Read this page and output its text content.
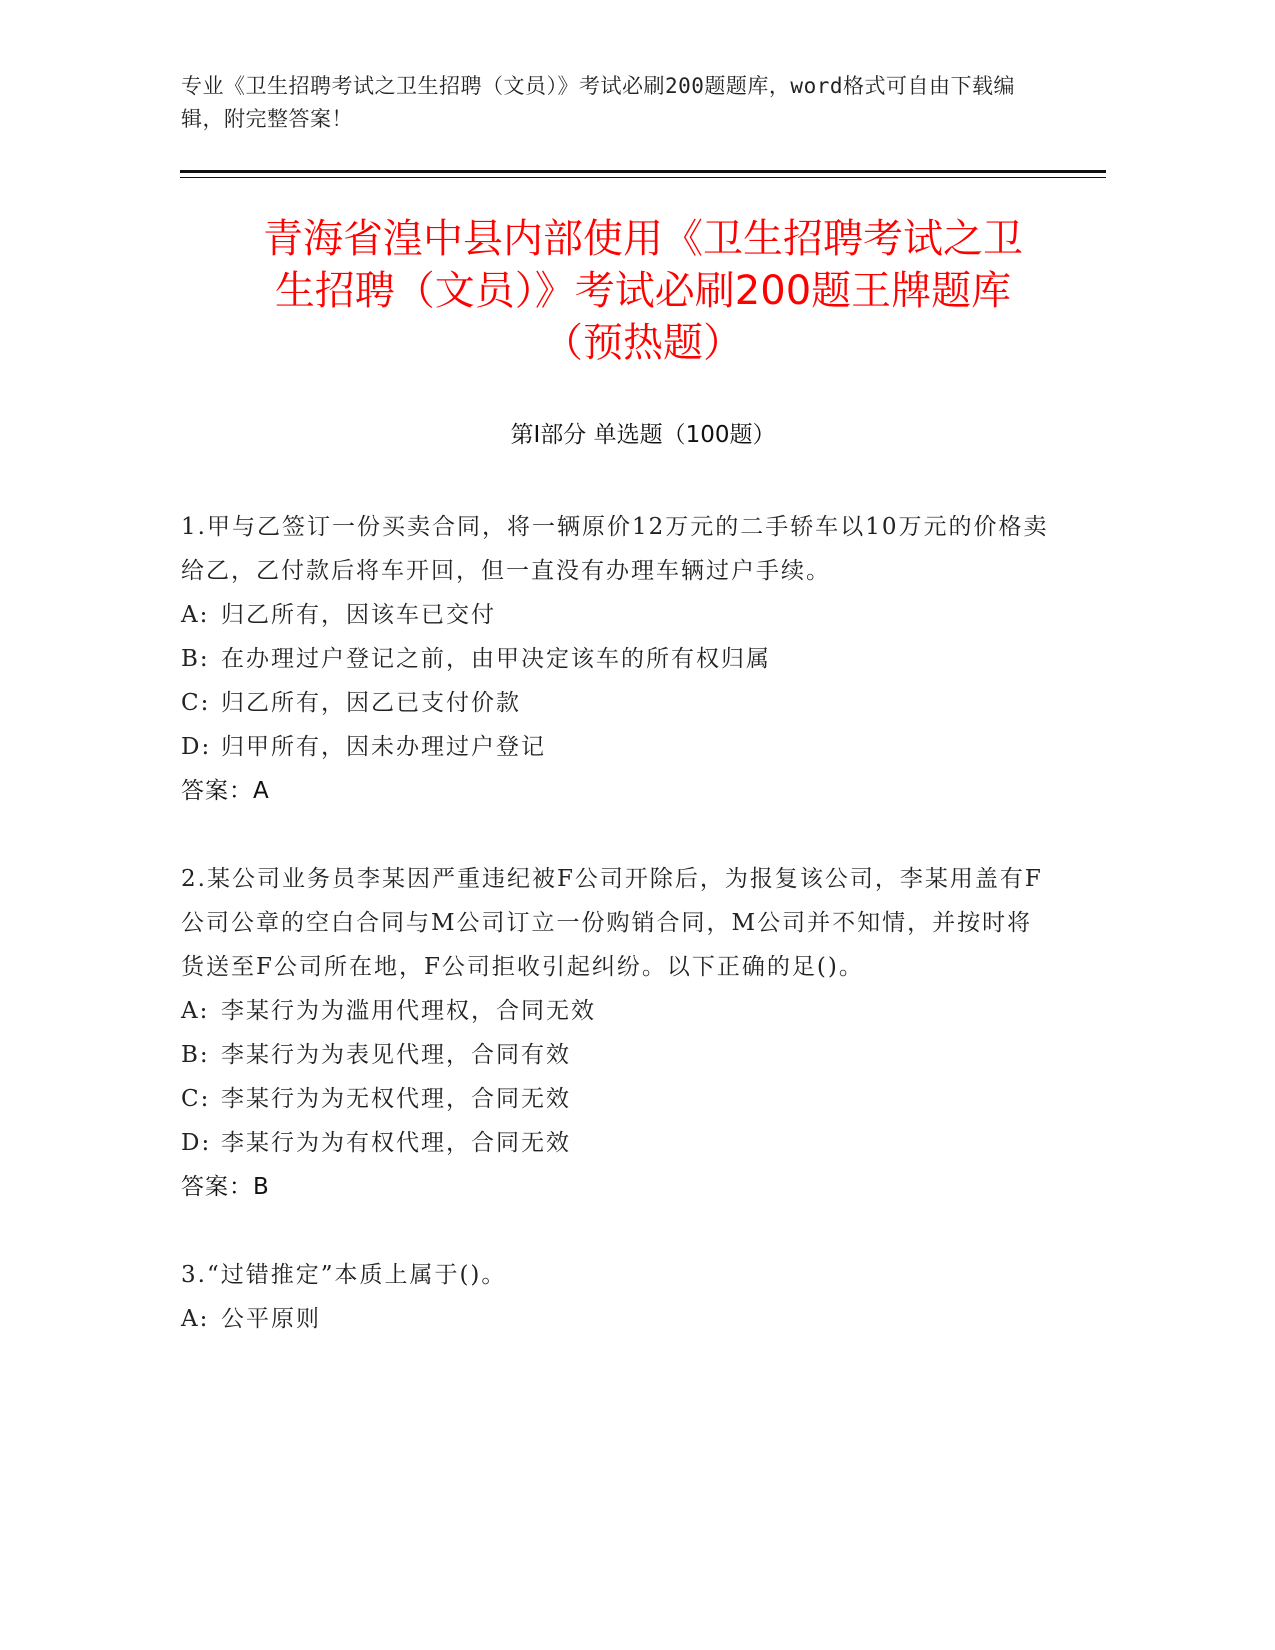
专业《卫生招聘考试之卫生招聘（文员）》考试必刷200题题库，word格式可自由下载编辑，附完整答案！
青海省湟中县内部使用《卫生招聘考试之卫
生招聘（文员）》考试必刷200题王牌题库
（预热题）
第Ⅰ部分 单选题（100题）

1.甲与乙签订一份买卖合同，将一辆原价12万元的二手轿车以10万元的价格卖给乙，乙付款后将车开回，但一直没有办理车辆过户手续。

A: 归乙所有，因该车已交付

B: 在办理过户登记之前，由甲决定该车的所有权归属

C: 归乙所有，因乙已支付价款

D: 归甲所有，因未办理过户登记

答案：A

2.某公司业务员李某因严重违纪被F公司开除后，为报复该公司，李某用盖有F公司公章的空白合同与M公司订立一份购销合同，M公司并不知情，并按时将货送至F公司所在地，F公司拒收引起纠纷。以下正确的足()。

A: 李某行为为滥用代理权，合同无效

B: 李某行为为表见代理，合同有效

C: 李某行为为无权代理，合同无效

D: 李某行为为有权代理，合同无效

答案：B

3.“过错推定”本质上属于()。

A: 公平原则
